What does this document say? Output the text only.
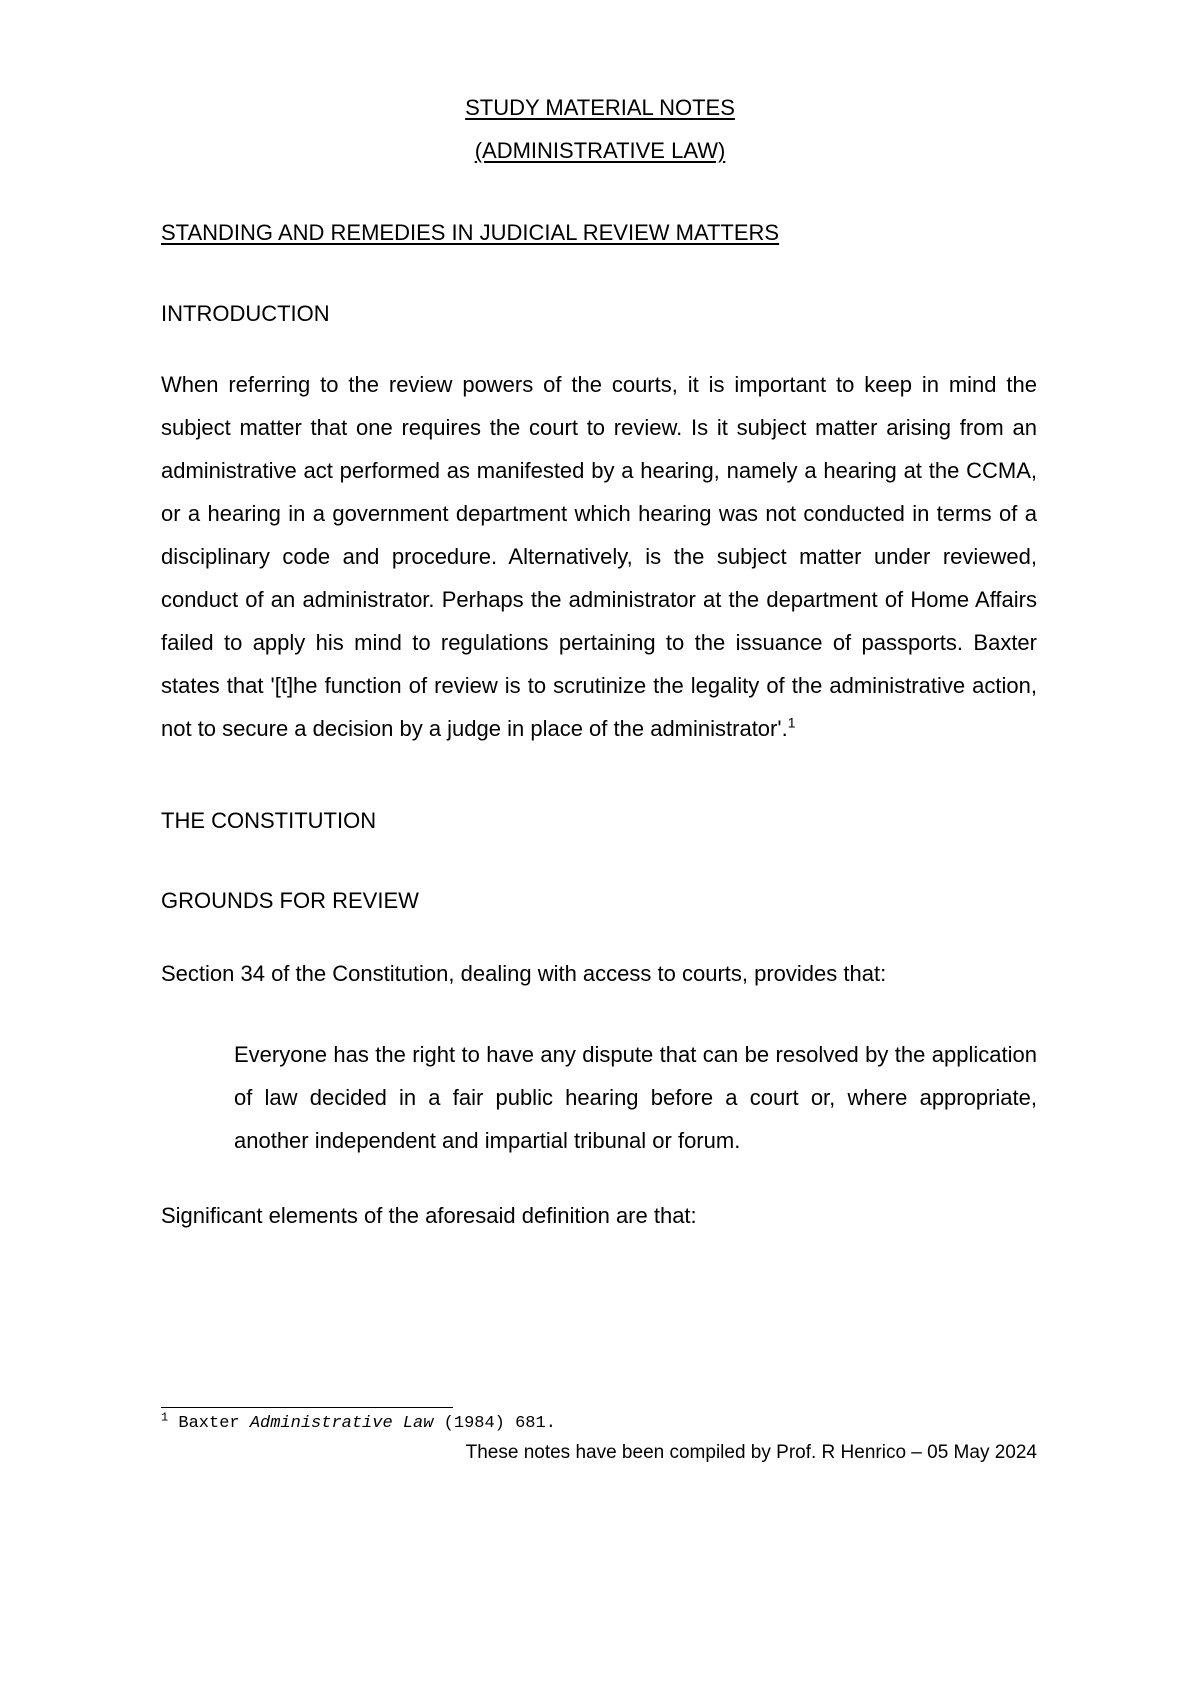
STUDY MATERIAL NOTES
(ADMINISTRATIVE LAW)
STANDING AND REMEDIES IN JUDICIAL REVIEW MATTERS
INTRODUCTION
When referring to the review powers of the courts, it is important to keep in mind the subject matter that one requires the court to review. Is it subject matter arising from an administrative act performed as manifested by a hearing, namely a hearing at the CCMA, or a hearing in a government department which hearing was not conducted in terms of a disciplinary code and procedure. Alternatively, is the subject matter under reviewed, conduct of an administrator. Perhaps the administrator at the department of Home Affairs failed to apply his mind to regulations pertaining to the issuance of passports. Baxter states that '[t]he function of review is to scrutinize the legality of the administrative action, not to secure a decision by a judge in place of the administrator'.$^1$
THE CONSTITUTION
GROUNDS FOR REVIEW
Section 34 of the Constitution, dealing with access to courts, provides that:
Everyone has the right to have any dispute that can be resolved by the application of law decided in a fair public hearing before a court or, where appropriate, another independent and impartial tribunal or forum.
Significant elements of the aforesaid definition are that:
$^1$ Baxter Administrative Law (1984) 681.
These notes have been compiled by Prof. R Henrico – 05 May 2024
